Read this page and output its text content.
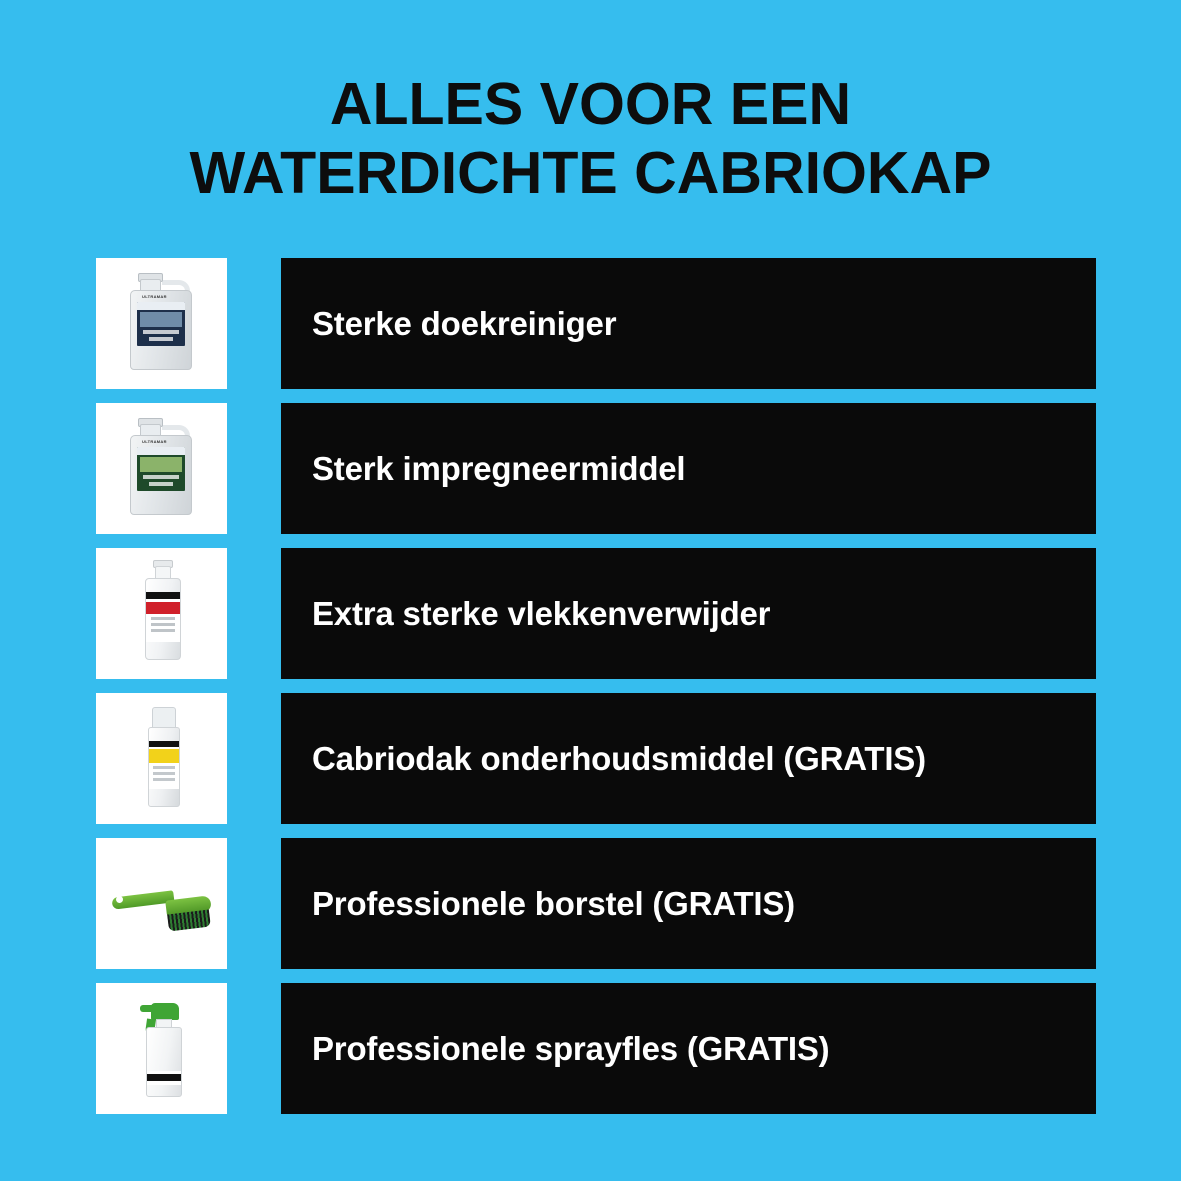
ALLES VOOR EEN
WATERDICHTE CABRIOKAP
ULTRAMAR
Sterke doekreiniger
ULTRAMAR
Sterk impregneermiddel
Extra sterke vlekkenverwijder
Cabriodak onderhoudsmiddel (GRATIS)
Professionele borstel (GRATIS)
Professionele sprayfles (GRATIS)
